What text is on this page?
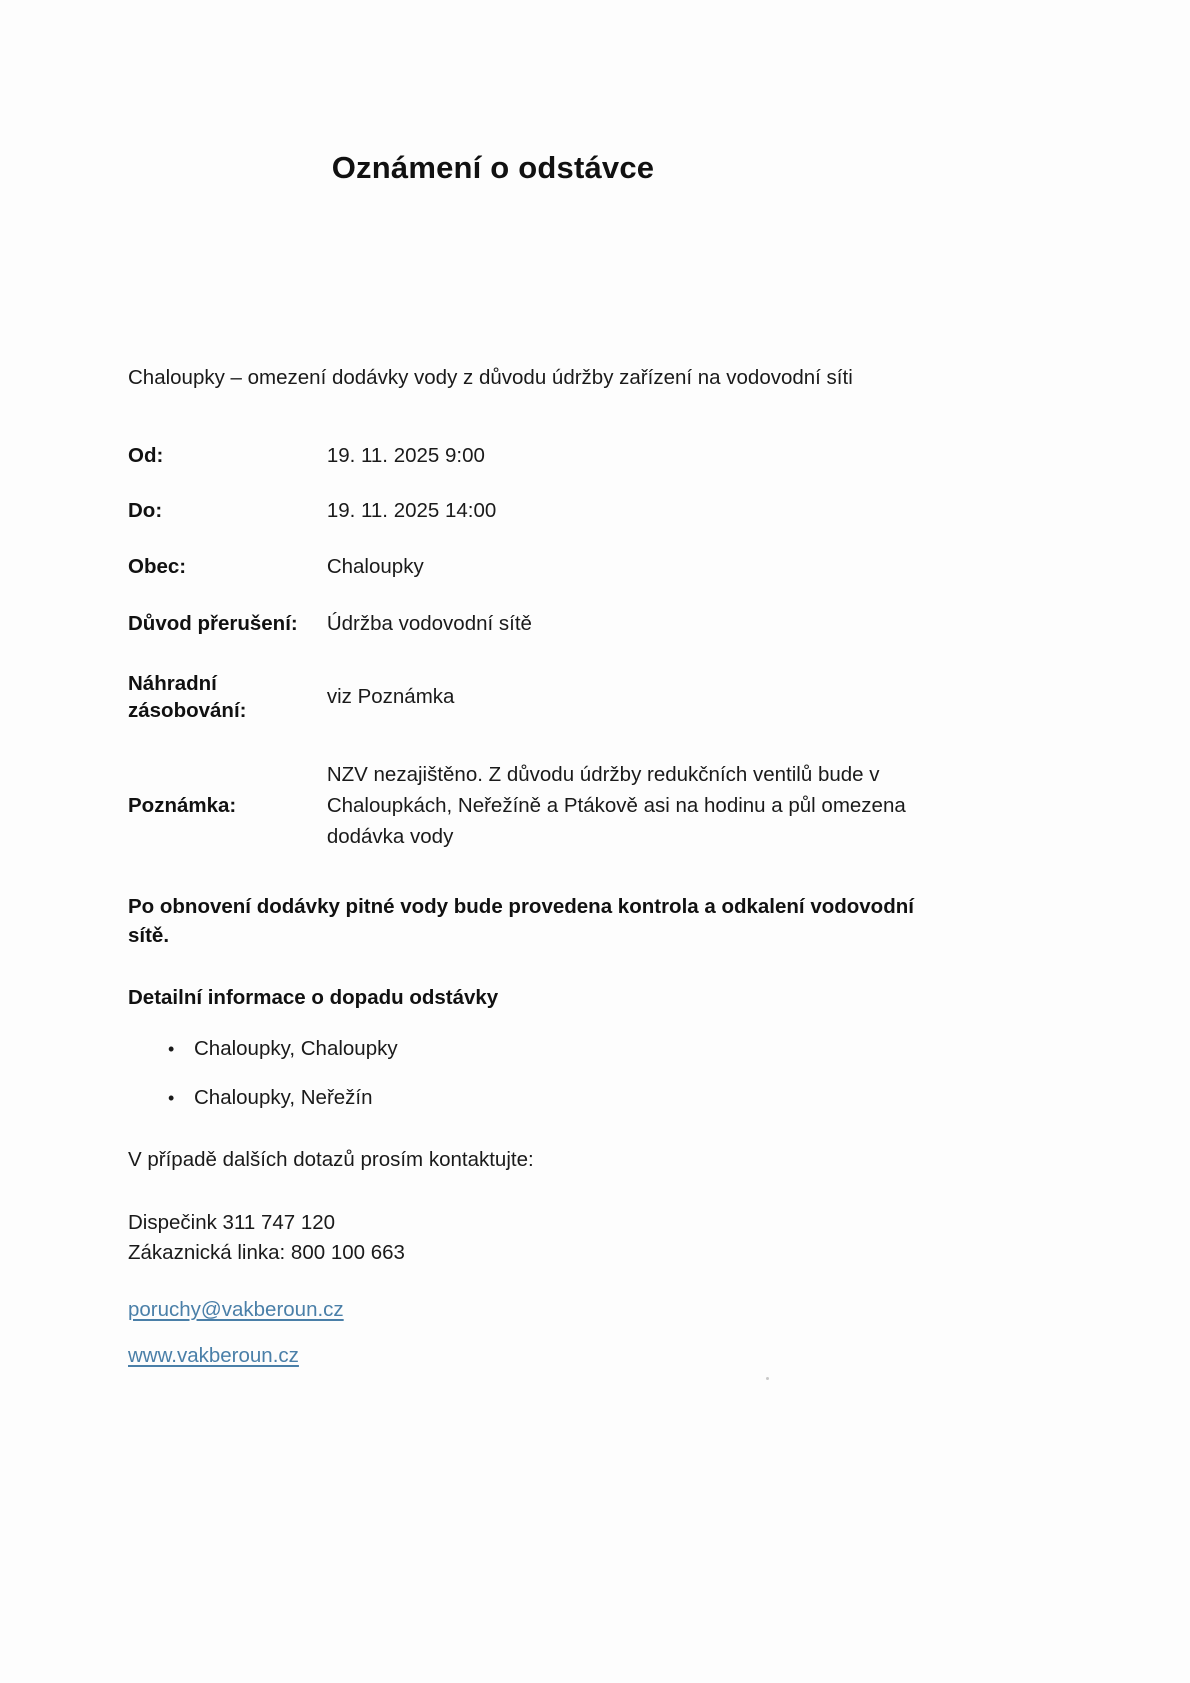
Oznámení o odstávce

Chaloupky – omezení dodávky vody z důvodu údržby zařízení na vodovodní síti

Od:	19. 11. 2025 9:00
Do:	19. 11. 2025 14:00
Obec:	Chaloupky
Důvod přerušení:	Údržba vodovodní sítě
Náhradní zásobování:	viz Poznámka
Poznámka:	NZV nezajištěno. Z důvodu údržby redukčních ventilů bude v Chaloupkách, Neřežíně a Ptákově asi na hodinu a půl omezena dodávka vody

Po obnovení dodávky pitné vody bude provedena kontrola a odkalení vodovodní sítě.

Detailní informace o dopadu odstávky

• Chaloupky, Chaloupky
• Chaloupky, Neřežín

V případě dalších dotazů prosím kontaktujte:

Dispečink 311 747 120
Zákaznická linka: 800 100 663

poruchy@vakberoun.cz

www.vakberoun.cz
